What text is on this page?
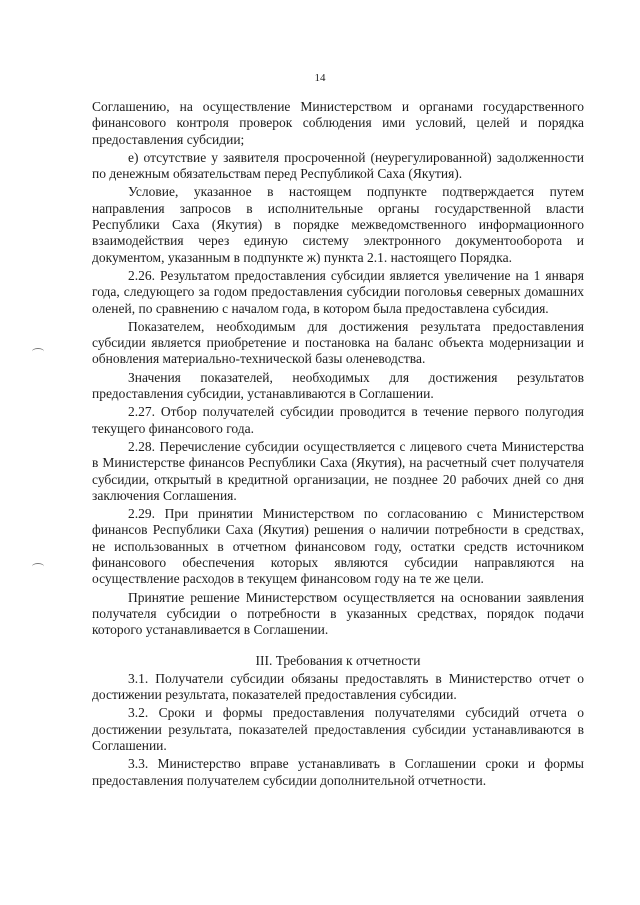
14

Соглашению, на осуществление Министерством и органами государственного финансового контроля проверок соблюдения ими условий, целей и порядка предоставления субсидии;

е) отсутствие у заявителя просроченной (неурегулированной) задолженности по денежным обязательствам перед Республикой Саха (Якутия).

Условие, указанное в настоящем подпункте подтверждается путем направления запросов в исполнительные органы государственной власти Республики Саха (Якутия) в порядке межведомственного информационного взаимодействия через единую систему электронного документооборота и документом, указанным в подпункте ж) пункта 2.1. настоящего Порядка.

2.26. Результатом предоставления субсидии является увеличение на 1 января года, следующего за годом предоставления субсидии поголовья северных домашних оленей, по сравнению с началом года, в котором была предоставлена субсидия.

Показателем, необходимым для достижения результата предоставления субсидии является приобретение и постановка на баланс объекта модернизации и обновления материально-технической базы оленеводства.

Значения показателей, необходимых для достижения результатов предоставления субсидии, устанавливаются в Соглашении.

2.27. Отбор получателей субсидии проводится в течение первого полугодия текущего финансового года.

2.28. Перечисление субсидии осуществляется с лицевого счета Министерства в Министерстве финансов Республики Саха (Якутия), на расчетный счет получателя субсидии, открытый в кредитной организации, не позднее 20 рабочих дней со дня заключения Соглашения.

2.29. При принятии Министерством по согласованию с Министерством финансов Республики Саха (Якутия) решения о наличии потребности в средствах, не использованных в отчетном финансовом году, остатки средств источником финансового обеспечения которых являются субсидии направляются на осуществление расходов в текущем финансовом году на те же цели.

Принятие решение Министерством осуществляется на основании заявления получателя субсидии о потребности в указанных средствах, порядок подачи которого устанавливается в Соглашении.

III. Требования к отчетности

3.1. Получатели субсидии обязаны предоставлять в Министерство отчет о достижении результата, показателей предоставления субсидии.

3.2. Сроки и формы предоставления получателями субсидий отчета о достижении результата, показателей предоставления субсидии устанавливаются в Соглашении.

3.3. Министерство вправе устанавливать в Соглашении сроки и формы предоставления получателем субсидии дополнительной отчетности.
